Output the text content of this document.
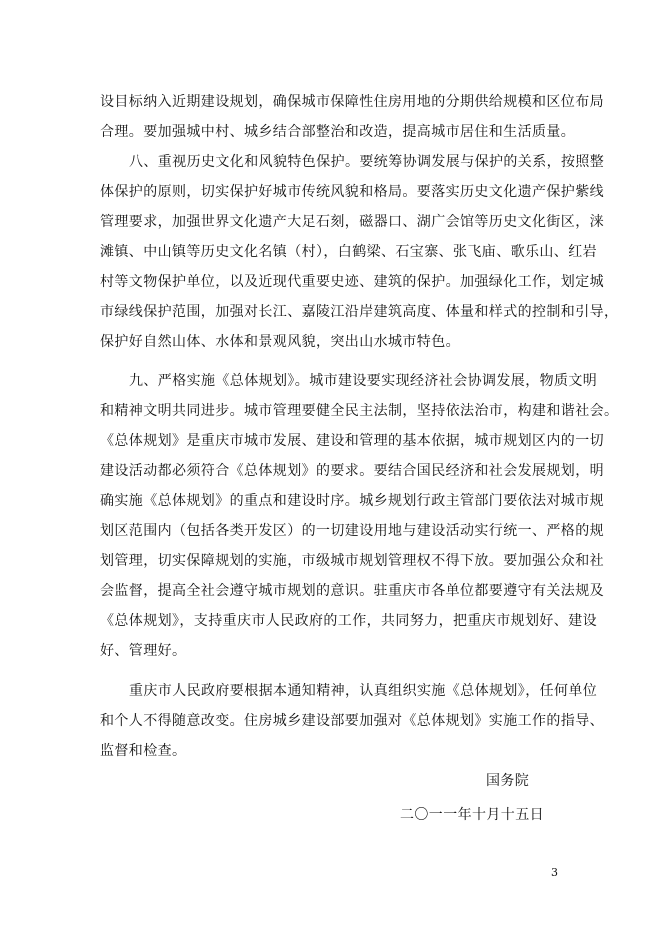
设目标纳入近期建设规划，确保城市保障性住房用地的分期供给规模和区位布局
合理。要加强城中村、城乡结合部整治和改造，提高城市居住和生活质量。
八、重视历史文化和风貌特色保护。要统筹协调发展与保护的关系，按照整
体保护的原则，切实保护好城市传统风貌和格局。要落实历史文化遗产保护紫线
管理要求，加强世界文化遗产大足石刻，磁器口、湖广会馆等历史文化街区，涞
滩镇、中山镇等历史文化名镇（村），白鹤梁、石宝寨、张飞庙、歌乐山、红岩
村等文物保护单位，以及近现代重要史迹、建筑的保护。加强绿化工作，划定城
市绿线保护范围，加强对长江、嘉陵江沿岸建筑高度、体量和样式的控制和引导，
保护好自然山体、水体和景观风貌，突出山水城市特色。
九、严格实施《总体规划》。城市建设要实现经济社会协调发展，物质文明
和精神文明共同进步。城市管理要健全民主法制，坚持依法治市，构建和谐社会。
《总体规划》是重庆市城市发展、建设和管理的基本依据，城市规划区内的一切
建设活动都必须符合《总体规划》的要求。要结合国民经济和社会发展规划，明
确实施《总体规划》的重点和建设时序。城乡规划行政主管部门要依法对城市规
划区范围内（包括各类开发区）的一切建设用地与建设活动实行统一、严格的规
划管理，切实保障规划的实施，市级城市规划管理权不得下放。要加强公众和社
会监督，提高全社会遵守城市规划的意识。驻重庆市各单位都要遵守有关法规及
《总体规划》，支持重庆市人民政府的工作，共同努力，把重庆市规划好、建设
好、管理好。
重庆市人民政府要根据本通知精神，认真组织实施《总体规划》，任何单位
和个人不得随意改变。住房城乡建设部要加强对《总体规划》实施工作的指导、
监督和检查。
国务院
二〇一一年十月十五日
3
